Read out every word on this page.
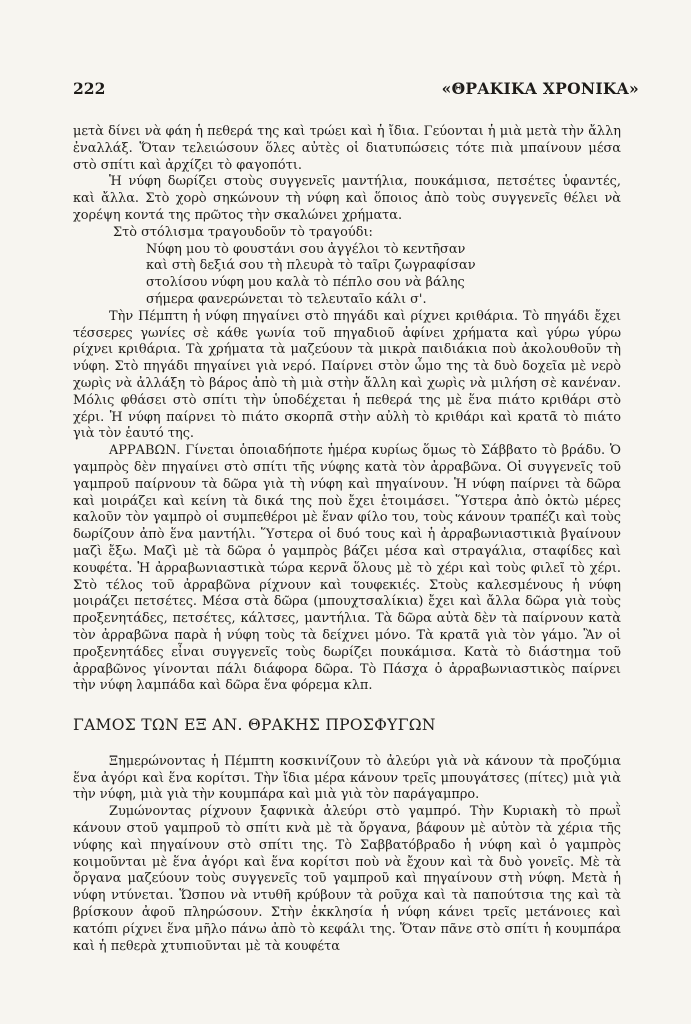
222	«ΘΡΑΚΙΚΑ ΧΡΟΝΙΚΑ»

μετὰ δίνει νὰ φάη ἡ πεθερά της καὶ τρώει καὶ ἡ ἴδια. Γεύονται ἡ μιὰ μετὰ τὴν ἄλλη ἐναλλάξ. Ὅταν τελειώσουν ὅλες αὐτὲς οἱ διατυπώσεις τότε πιὰ μπαίνουν μέσα στὸ σπίτι καὶ ἀρχίζει τὸ φαγοπότι.

Ἡ νύφη δωρίζει στοὺς συγγενεῖς μαντήλια, πουκάμισα, πετσέτες ὑφαντές, καὶ ἄλλα. Στὸ χορὸ σηκώνουν τὴ νύφη καὶ ὅποιος ἀπὸ τοὺς συγγενεῖς θέλει νὰ χορέψη κοντά της πρῶτος τὴν σκαλώνει χρήματα.

Στὸ στόλισμα τραγουδοῦν τὸ τραγούδι:

Νύφη μου τὸ φουστάνι σου ἀγγέλοι τὸ κεντῆσαν
καὶ στὴ δεξιά σου τὴ πλευρὰ τὸ ταῖρι ζωγραφίσαν
στολίσου νύφη μου καλὰ τὸ πέπλο σου νὰ βάλης
σήμερα φανερώνεται τὸ τελευταῖο κάλι σ'.

Τὴν Πέμπτη ἡ νύφη πηγαίνει στὸ πηγάδι καὶ ρίχνει κριθάρια. Τὸ πηγάδι ἔχει τέσσερες γωνίες σὲ κάθε γωνία τοῦ πηγαδιοῦ ἀφίνει χρήματα καὶ γύρω γύρω ρίχνει κριθάρια. Τὰ χρήματα τὰ μαζεύουν τὰ μικρὰ παιδιάκια ποὺ ἀκολουθοῦν τὴ νύφη. Στὸ πηγάδι πηγαίνει γιὰ νερό. Παίρνει στὸν ὦμο της τὰ δυὸ δοχεῖα μὲ νερὸ χωρὶς νὰ ἀλλάξη τὸ βάρος ἀπὸ τὴ μιὰ στὴν ἄλλη καὶ χωρὶς νὰ μιλήση σὲ κανέναν. Μόλις φθάσει στὸ σπίτι τὴν ὑποδέχεται ἡ πεθερά της μὲ ἕνα πιάτο κριθάρι στὸ χέρι. Ἡ νύφη παίρνει τὸ πιάτο σκορπᾶ στὴν αὐλὴ τὸ κριθάρι καὶ κρατᾶ τὸ πιάτο γιὰ τὸν ἑαυτό της.

ΑΡΡΑΒΩΝ. Γίνεται ὁποιαδήποτε ἡμέρα κυρίως ὅμως τὸ Σάββατο τὸ βράδυ. Ὁ γαμπρὸς δὲν πηγαίνει στὸ σπίτι τῆς νύφης κατὰ τὸν ἀρραβῶνα. Οἱ συγγενεῖς τοῦ γαμπροῦ παίρνουν τὰ δῶρα γιὰ τὴ νύφη καὶ πηγαίνουν. Ἡ νύφη παίρνει τὰ δῶρα καὶ μοιράζει καὶ κείνη τὰ δικά της ποὺ ἔχει ἑτοιμάσει. Ὕστερα ἀπὸ ὀκτὼ μέρες καλοῦν τὸν γαμπρὸ οἱ συμπεθέροι μὲ ἕναν φίλο του, τοὺς κάνουν τραπέζι καὶ τοὺς δωρίζουν ἀπὸ ἕνα μαντήλι. Ὕστερα οἱ δυό τους καὶ ἡ ἀρραβωνιαστικιὰ βγαίνουν μαζὶ ἔξω. Μαζὶ μὲ τὰ δῶρα ὁ γαμπρὸς βάζει μέσα καὶ στραγάλια, σταφίδες καὶ κουφέτα. Ἡ ἀρραβωνιαστικὰ τώρα κερνᾶ ὅλους μὲ τὸ χέρι καὶ τοὺς φιλεῖ τὸ χέρι. Στὸ τέλος τοῦ ἀρραβῶνα ρίχνουν καὶ τουφεκιές. Στοὺς καλεσμένους ἡ νύφη μοιράζει πετσέτες. Μέσα στὰ δῶρα (μπουχτσαλίκια) ἔχει καὶ ἄλλα δῶρα γιὰ τοὺς προξενητάδες, πετσέτες, κάλτσες, μαντήλια. Τὰ δῶρα αὐτὰ δὲν τὰ παίρνουν κατὰ τὸν ἀρραβῶνα παρὰ ἡ νύφη τοὺς τὰ δείχνει μόνο. Τὰ κρατᾶ γιὰ τὸν γάμο. Ἂν οἱ προξενητάδες εἶναι συγγενεῖς τοὺς δωρίζει πουκάμισα. Κατὰ τὸ διάστημα τοῦ ἀρραβῶνος γίνονται πάλι διάφορα δῶρα. Τὸ Πάσχα ὁ ἀρραβωνιαστικὸς παίρνει τὴν νύφη λαμπάδα καὶ δῶρα ἕνα φόρεμα κλπ.

ΓΑΜΟΣ ΤΩΝ ΕΞ ΑΝ. ΘΡΑΚΗΣ ΠΡΟΣΦΥΓΩΝ

Ξημερώνοντας ἡ Πέμπτη κοσκινίζουν τὸ ἀλεύρι γιὰ νὰ κάνουν τὰ προζύμια ἕνα ἀγόρι καὶ ἕνα κορίτσι. Τὴν ἴδια μέρα κάνουν τρεῖς μπουγάτσες (πίτες) μιὰ γιὰ τὴν νύφη, μιὰ γιὰ τὴν κουμπάρα καὶ μιὰ γιὰ τὸν παράγαμπρο.

Ζυμώνοντας ρίχνουν ξαφνικὰ ἀλεύρι στὸ γαμπρό. Τὴν Κυριακὴ τὸ πρωῒ κάνουν στοῦ γαμπροῦ τὸ σπίτι κνὰ μὲ τὰ ὄργανα, βάφουν μὲ αὐτὸν τὰ χέρια τῆς νύφης καὶ πηγαίνουν στὸ σπίτι της. Τὸ Σαββατόβραδο ἡ νύφη καὶ ὁ γαμπρὸς κοιμοῦνται μὲ ἕνα ἀγόρι καὶ ἕνα κορίτσι ποὺ νὰ ἔχουν καὶ τὰ δυὸ γονεῖς. Μὲ τὰ ὄργανα μαζεύουν τοὺς συγγενεῖς τοῦ γαμπροῦ καὶ πηγαίνουν στὴ νύφη. Μετὰ ἡ νύφη ντύνεται. Ὥσπου νὰ ντυθῆ κρύβουν τὰ ροῦχα καὶ τὰ παπούτσια της καὶ τὰ βρίσκουν ἀφοῦ πληρώσουν. Στὴν ἐκκλησία ἡ νύφη κάνει τρεῖς μετάνοιες καὶ κατόπι ρίχνει ἕνα μῆλο πάνω ἀπὸ τὸ κεφάλι της. Ὅταν πᾶνε στὸ σπίτι ἡ κουμπάρα καὶ ἡ πεθερὰ χτυπιοῦνται μὲ τὰ κουφέτα
